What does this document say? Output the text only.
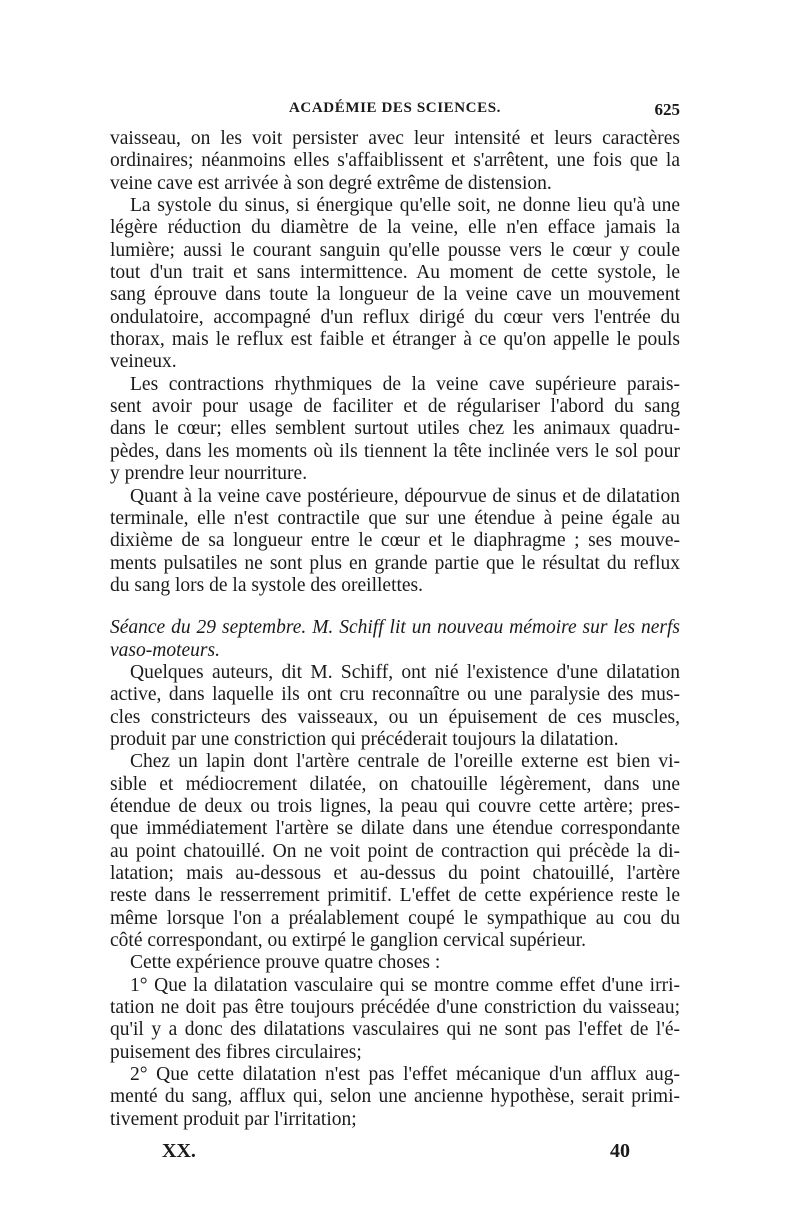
ACADÉMIE DES SCIENCES.	625
vaisseau, on les voit persister avec leur intensité et leurs caractères
ordinaires; néanmoins elles s'affaiblissent et s'arrêtent, une fois que la
veine cave est arrivée à son degré extrême de distension.
La systole du sinus, si énergique qu'elle soit, ne donne lieu qu'à une
légère réduction du diamètre de la veine, elle n'en efface jamais la
lumière; aussi le courant sanguin qu'elle pousse vers le cœur y coule
tout d'un trait et sans intermittence. Au moment de cette systole, le
sang éprouve dans toute la longueur de la veine cave un mouvement
ondulatoire, accompagné d'un reflux dirigé du cœur vers l'entrée du
thorax, mais le reflux est faible et étranger à ce qu'on appelle le pouls
veineux.
Les contractions rhythmiques de la veine cave supérieure parais-
sent avoir pour usage de faciliter et de régulariser l'abord du sang
dans le cœur; elles semblent surtout utiles chez les animaux quadru-
pèdes, dans les moments où ils tiennent la tête inclinée vers le sol pour
y prendre leur nourriture.
Quant à la veine cave postérieure, dépourvue de sinus et de dilatation
terminale, elle n'est contractile que sur une étendue à peine égale au
dixième de sa longueur entre le cœur et le diaphragme ; ses mouve-
ments pulsatiles ne sont plus en grande partie que le résultat du reflux
du sang lors de la systole des oreillettes.
Séance du 29 septembre. M. Schiff lit un nouveau mémoire sur les nerfs
vaso-moteurs.
Quelques auteurs, dit M. Schiff, ont nié l'existence d'une dilatation
active, dans laquelle ils ont cru reconnaître ou une paralysie des mus-
cles constricteurs des vaisseaux, ou un épuisement de ces muscles,
produit par une constriction qui précéderait toujours la dilatation.
Chez un lapin dont l'artère centrale de l'oreille externe est bien vi-
sible et médiocrement dilatée, on chatouille légèrement, dans une
étendue de deux ou trois lignes, la peau qui couvre cette artère; pres-
que immédiatement l'artère se dilate dans une étendue correspondante
au point chatouillé. On ne voit point de contraction qui précède la di-
latation; mais au-dessous et au-dessus du point chatouillé, l'artère
reste dans le resserrement primitif. L'effet de cette expérience reste le
même lorsque l'on a préalablement coupé le sympathique au cou du
côté correspondant, ou extirpé le ganglion cervical supérieur.
Cette expérience prouve quatre choses :
1° Que la dilatation vasculaire qui se montre comme effet d'une irri-
tation ne doit pas être toujours précédée d'une constriction du vaisseau;
qu'il y a donc des dilatations vasculaires qui ne sont pas l'effet de l'é-
puisement des fibres circulaires;
2° Que cette dilatation n'est pas l'effet mécanique d'un afflux aug-
menté du sang, afflux qui, selon une ancienne hypothèse, serait primi-
tivement produit par l'irritation;
XX.	40
